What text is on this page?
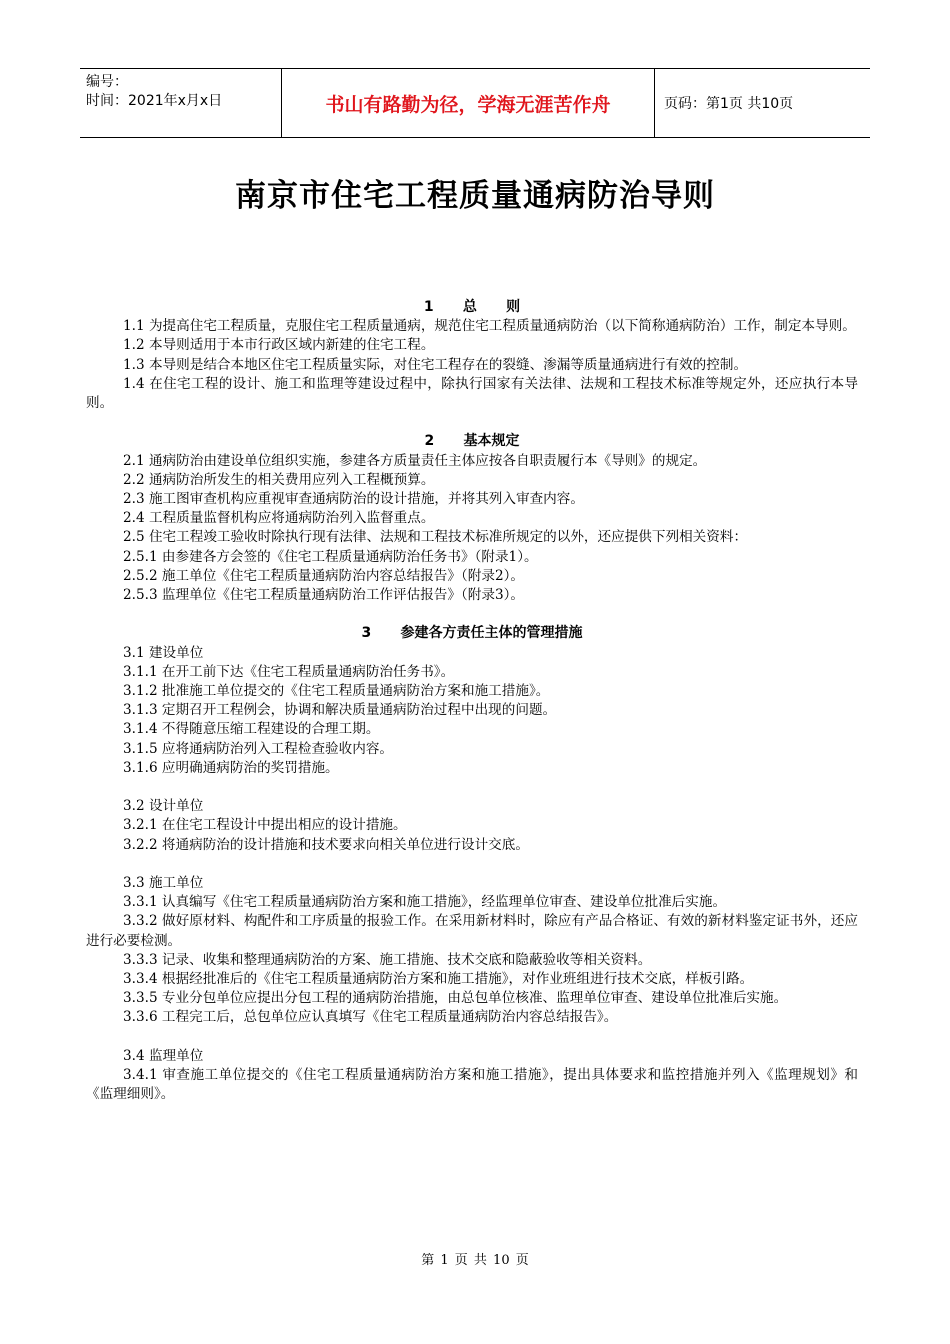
编号：
时间：2021年x月x日	书山有路勤为径，学海无涯苦作舟	页码：第1页 共10页
南京市住宅工程质量通病防治导则
1      总      则
1.1 为提高住宅工程质量，克服住宅工程质量通病，规范住宅工程质量通病防治（以下简称通病防治）工作，制定本导则。
1.2 本导则适用于本市行政区域内新建的住宅工程。
1.3 本导则是结合本地区住宅工程质量实际，对住宅工程存在的裂缝、渗漏等质量通病进行有效的控制。
1.4 在住宅工程的设计、施工和监理等建设过程中，除执行国家有关法律、法规和工程技术标准等规定外，还应执行本导则。
2      基本规定
2.1 通病防治由建设单位组织实施，参建各方质量责任主体应按各自职责履行本《导则》的规定。
2.2 通病防治所发生的相关费用应列入工程概预算。
2.3 施工图审查机构应重视审查通病防治的设计措施，并将其列入审查内容。
2.4 工程质量监督机构应将通病防治列入监督重点。
2.5 住宅工程竣工验收时除执行现有法律、法规和工程技术标准所规定的以外，还应提供下列相关资料：
2.5.1 由参建各方会签的《住宅工程质量通病防治任务书》（附录1）。
2.5.2 施工单位《住宅工程质量通病防治内容总结报告》（附录2）。
2.5.3 监理单位《住宅工程质量通病防治工作评估报告》（附录3）。
3      参建各方责任主体的管理措施
3.1 建设单位
3.1.1 在开工前下达《住宅工程质量通病防治任务书》。
3.1.2 批准施工单位提交的《住宅工程质量通病防治方案和施工措施》。
3.1.3 定期召开工程例会，协调和解决质量通病防治过程中出现的问题。
3.1.4 不得随意压缩工程建设的合理工期。
3.1.5 应将通病防治列入工程检查验收内容。
3.1.6 应明确通病防治的奖罚措施。
3.2 设计单位
3.2.1 在住宅工程设计中提出相应的设计措施。
3.2.2 将通病防治的设计措施和技术要求向相关单位进行设计交底。
3.3 施工单位
3.3.1 认真编写《住宅工程质量通病防治方案和施工措施》，经监理单位审查、建设单位批准后实施。
3.3.2 做好原材料、构配件和工序质量的报验工作。在采用新材料时，除应有产品合格证、有效的新材料鉴定证书外，还应进行必要检测。
3.3.3 记录、收集和整理通病防治的方案、施工措施、技术交底和隐蔽验收等相关资料。
3.3.4 根据经批准后的《住宅工程质量通病防治方案和施工措施》，对作业班组进行技术交底，样板引路。
3.3.5 专业分包单位应提出分包工程的通病防治措施，由总包单位核准、监理单位审查、建设单位批准后实施。
3.3.6 工程完工后，总包单位应认真填写《住宅工程质量通病防治内容总结报告》。
3.4 监理单位
3.4.1 审查施工单位提交的《住宅工程质量通病防治方案和施工措施》，提出具体要求和监控措施并列入《监理规划》和《监理细则》。
第 1 页 共 10 页
